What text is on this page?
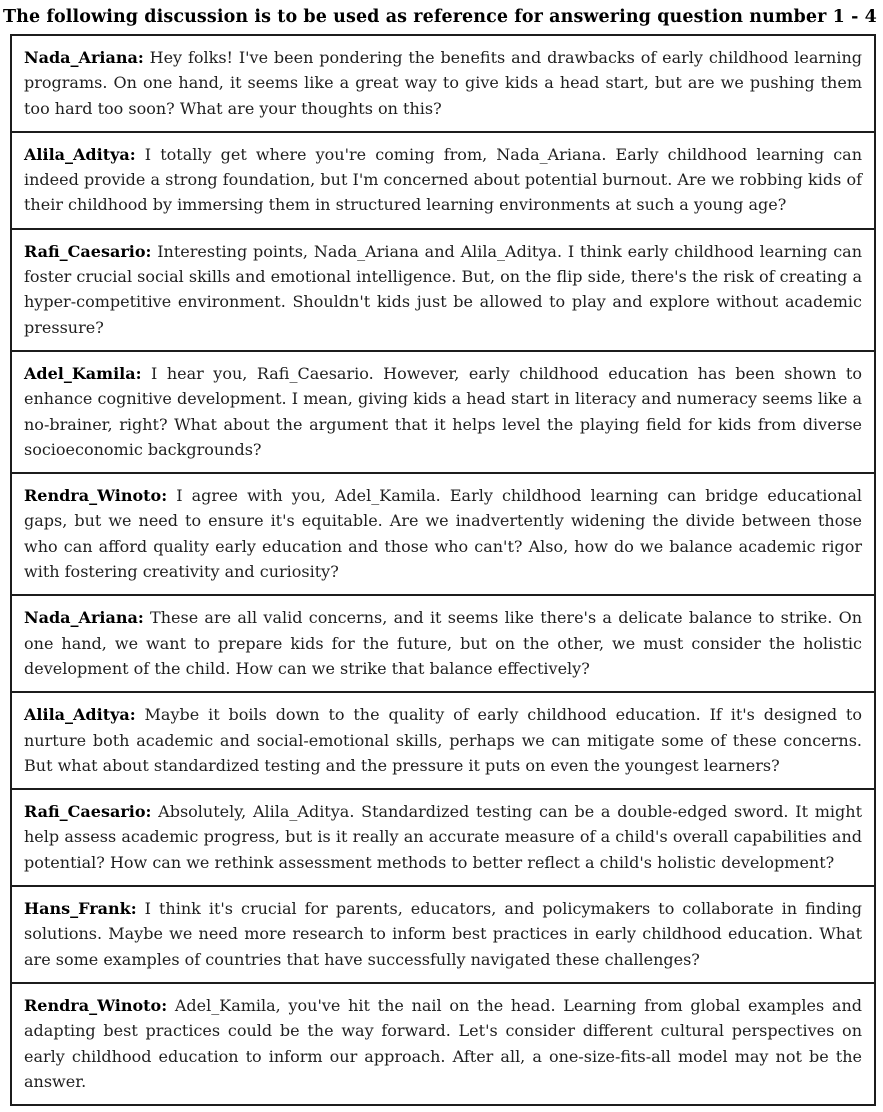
The following discussion is to be used as reference for answering question number 1 - 4
Nada_Ariana: Hey folks! I've been pondering the benefits and drawbacks of early childhood learning programs. On one hand, it seems like a great way to give kids a head start, but are we pushing them too hard too soon? What are your thoughts on this?
Alila_Aditya: I totally get where you're coming from, Nada_Ariana. Early childhood learning can indeed provide a strong foundation, but I'm concerned about potential burnout. Are we robbing kids of their childhood by immersing them in structured learning environments at such a young age?
Rafi_Caesario: Interesting points, Nada_Ariana and Alila_Aditya. I think early childhood learning can foster crucial social skills and emotional intelligence. But, on the flip side, there's the risk of creating a hyper-competitive environment. Shouldn't kids just be allowed to play and explore without academic pressure?
Adel_Kamila: I hear you, Rafi_Caesario. However, early childhood education has been shown to enhance cognitive development. I mean, giving kids a head start in literacy and numeracy seems like a no-brainer, right? What about the argument that it helps level the playing field for kids from diverse socioeconomic backgrounds?
Rendra_Winoto: I agree with you, Adel_Kamila. Early childhood learning can bridge educational gaps, but we need to ensure it's equitable. Are we inadvertently widening the divide between those who can afford quality early education and those who can't? Also, how do we balance academic rigor with fostering creativity and curiosity?
Nada_Ariana: These are all valid concerns, and it seems like there's a delicate balance to strike. On one hand, we want to prepare kids for the future, but on the other, we must consider the holistic development of the child. How can we strike that balance effectively?
Alila_Aditya: Maybe it boils down to the quality of early childhood education. If it's designed to nurture both academic and social-emotional skills, perhaps we can mitigate some of these concerns. But what about standardized testing and the pressure it puts on even the youngest learners?
Rafi_Caesario: Absolutely, Alila_Aditya. Standardized testing can be a double-edged sword. It might help assess academic progress, but is it really an accurate measure of a child's overall capabilities and potential? How can we rethink assessment methods to better reflect a child's holistic development?
Hans_Frank: I think it's crucial for parents, educators, and policymakers to collaborate in finding solutions. Maybe we need more research to inform best practices in early childhood education. What are some examples of countries that have successfully navigated these challenges?
Rendra_Winoto: Adel_Kamila, you've hit the nail on the head. Learning from global examples and adapting best practices could be the way forward. Let's consider different cultural perspectives on early childhood education to inform our approach. After all, a one-size-fits-all model may not be the answer.
